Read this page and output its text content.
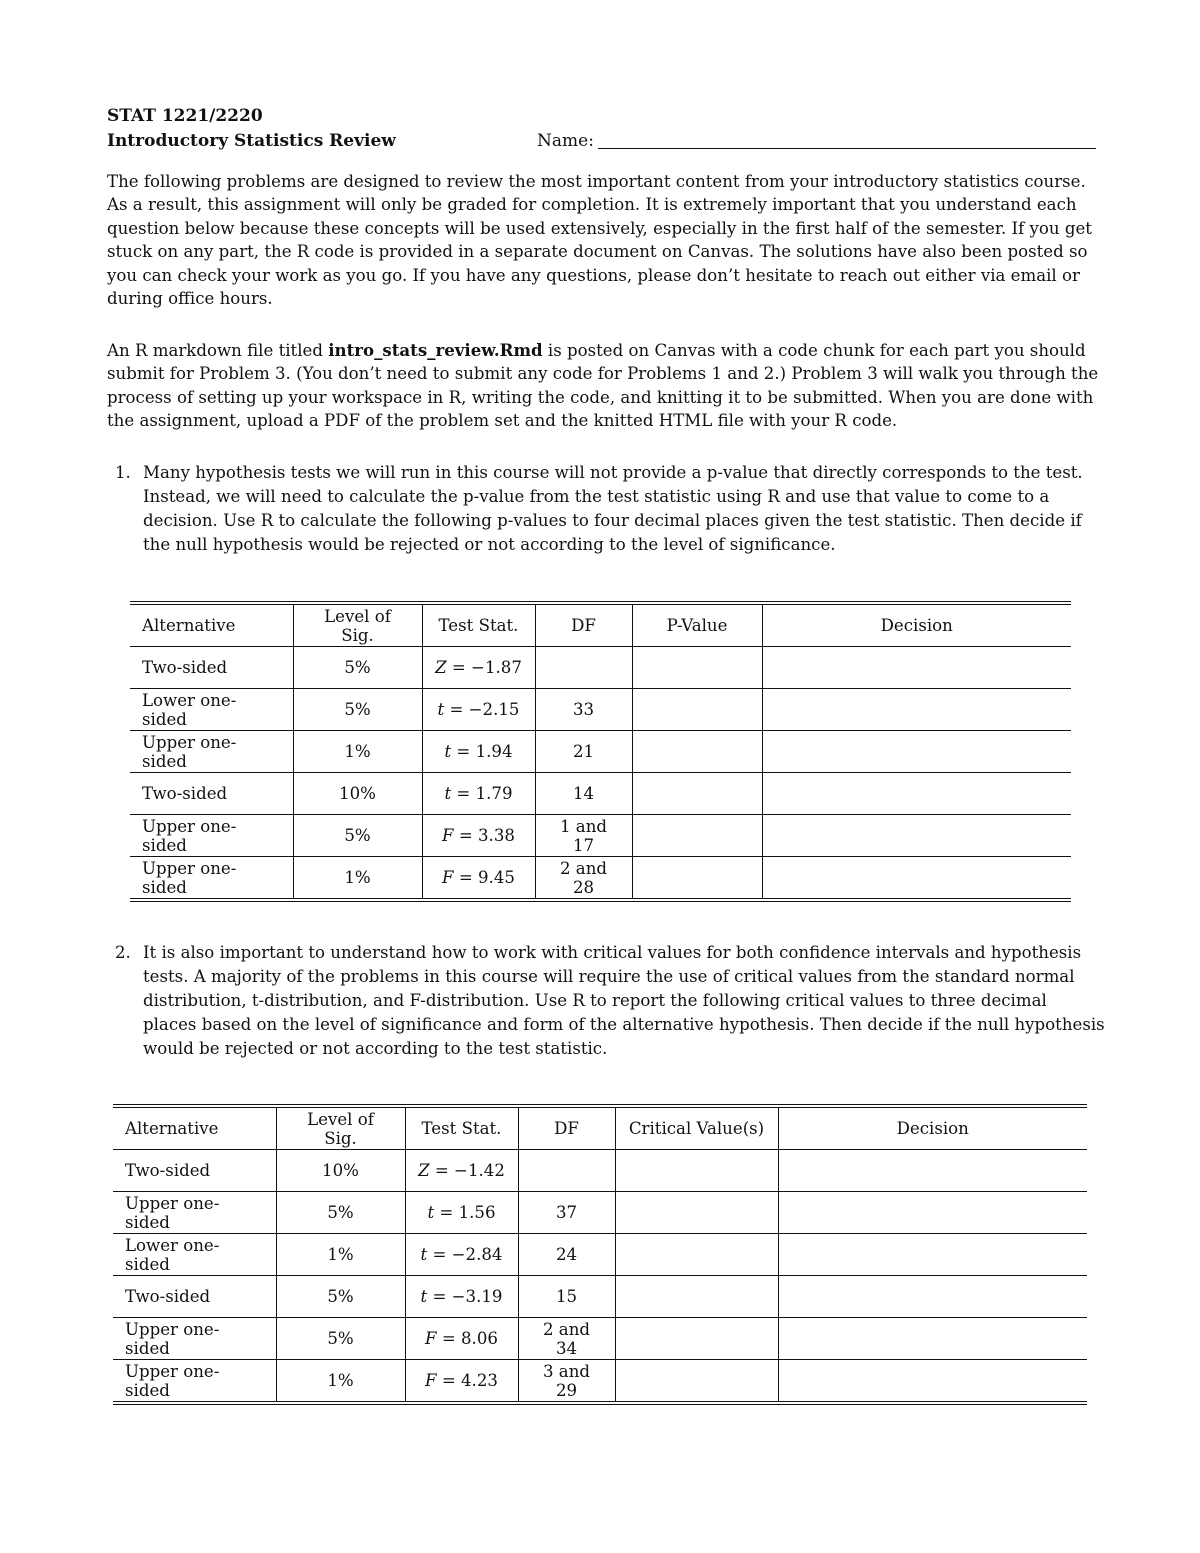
STAT 1221/2220
Introductory Statistics Review	Name:

The following problems are designed to review the most important content from your introductory statistics course. As a result, this assignment will only be graded for completion. It is extremely important that you understand each question below because these concepts will be used extensively, especially in the first half of the semester. If you get stuck on any part, the R code is provided in a separate document on Canvas. The solutions have also been posted so you can check your work as you go. If you have any questions, please don’t hesitate to reach out either via email or during office hours.

An R markdown file titled intro_stats_review.Rmd is posted on Canvas with a code chunk for each part you should submit for Problem 3. (You don’t need to submit any code for Problems 1 and 2.) Problem 3 will walk you through the process of setting up your workspace in R, writing the code, and knitting it to be submitted. When you are done with the assignment, upload a PDF of the problem set and the knitted HTML file with your R code.

1. Many hypothesis tests we will run in this course will not provide a p-value that directly corresponds to the test. Instead, we will need to calculate the p-value from the test statistic using R and use that value to come to a decision. Use R to calculate the following p-values to four decimal places given the test statistic. Then decide if the null hypothesis would be rejected or not according to the level of significance.
Alternative	Level of Sig.	Test Stat.	DF	P-Value	Decision
Two-sided	5%	Z = −1.87			
Lower one-sided	5%	t = −2.15	33		
Upper one-sided	1%	t = 1.94	21		
Two-sided	10%	t = 1.79	14		
Upper one-sided	5%	F = 3.38	1 and 17		
Upper one-sided	1%	F = 9.45	2 and 28		
2. It is also important to understand how to work with critical values for both confidence intervals and hypothesis tests. A majority of the problems in this course will require the use of critical values from the standard normal distribution, t-distribution, and F-distribution. Use R to report the following critical values to three decimal places based on the level of significance and form of the alternative hypothesis. Then decide if the null hypothesis would be rejected or not according to the test statistic.
Alternative	Level of Sig.	Test Stat.	DF	Critical Value(s)	Decision
Two-sided	10%	Z = −1.42			
Upper one-sided	5%	t = 1.56	37		
Lower one-sided	1%	t = −2.84	24		
Two-sided	5%	t = −3.19	15		
Upper one-sided	5%	F = 8.06	2 and 34		
Upper one-sided	1%	F = 4.23	3 and 29		
